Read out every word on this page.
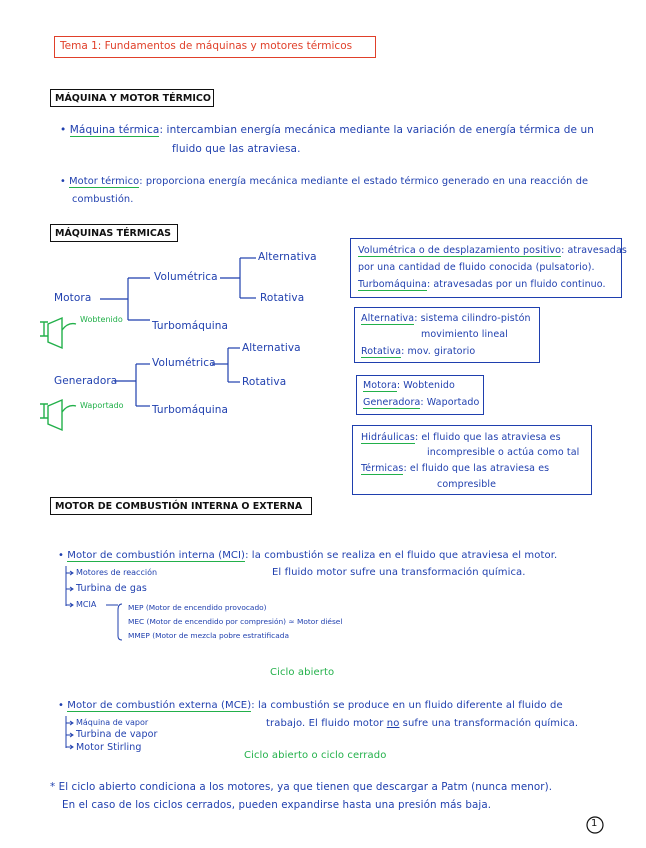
Tema 1: Fundamentos de máquinas y motores térmicos
MÁQUINA Y MOTOR TÉRMICO
• Máquina térmica: intercambian energía mecánica mediante la variación de energía térmica de un
fluido que las atraviesa.
• Motor térmico: proporciona energía mecánica mediante el estado térmico generado en una reacción de
combustión.
MÁQUINAS TÉRMICAS
Motora
Volumétrica
Turbomáquina
Alternativa
Rotativa
Wobtenido
Generadora
Volumétrica
Turbomáquina
Alternativa
Rotativa
Waportado
Volumétrica o de desplazamiento positivo: atravesadas
por una cantidad de fluido conocida (pulsatorio).
Turbomáquina: atravesadas por un fluido continuo.
Alternativa: sistema cilindro-pistón
movimiento lineal
Rotativa: mov. giratorio
Motora: Wobtenido
Generadora: Waportado
Hidráulicas: el fluido que las atraviesa es
incompresible o actúa como tal
Térmicas: el fluido que las atraviesa es
compresible
MOTOR DE COMBUSTIÓN INTERNA O EXTERNA
• Motor de combustión interna (MCI): la combustión se realiza en el fluido que atraviesa el motor.
El fluido motor sufre una transformación química.
Motores de reacción
Turbina de gas
MCIA	MEP (Motor de encendido provocado)
MEC (Motor de encendido por compresión) ≈ Motor diésel
MMEP (Motor de mezcla pobre estratificada
Ciclo abierto
• Motor de combustión externa (MCE): la combustión se produce en un fluido diferente al fluido de
trabajo. El fluido motor no sufre una transformación química.
Máquina de vapor
Turbina de vapor
Motor Stirling
Ciclo abierto o ciclo cerrado
* El ciclo abierto condiciona a los motores, ya que tienen que descargar a Patm (nunca menor).
En el caso de los ciclos cerrados, pueden expandirse hasta una presión más baja.
1
